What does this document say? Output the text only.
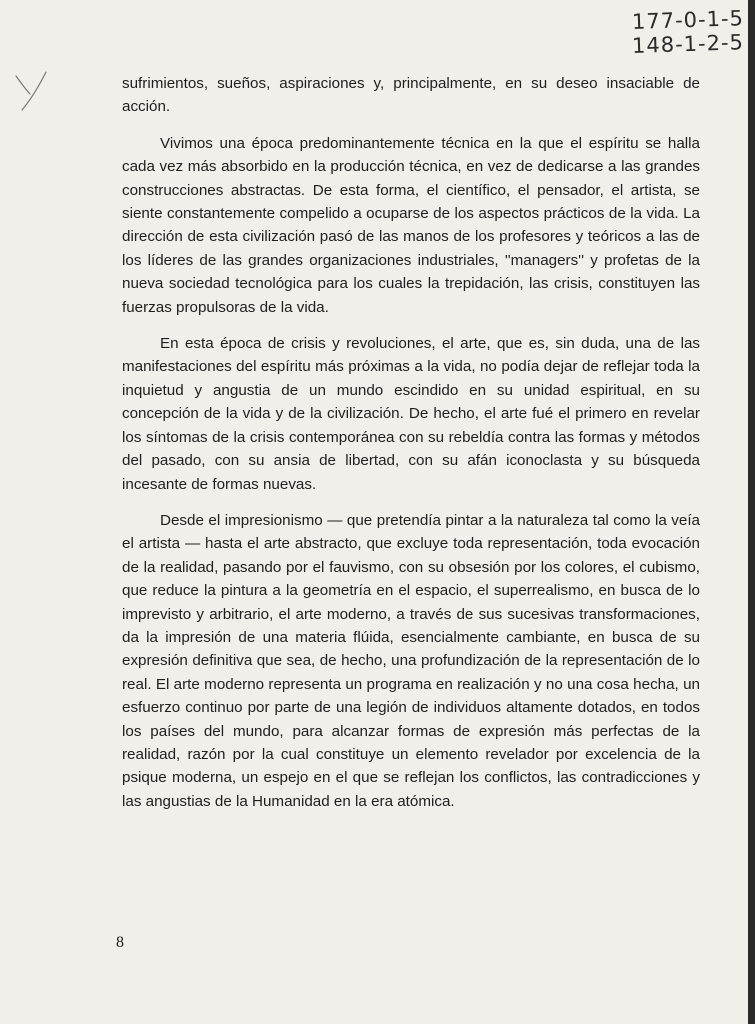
177-0-1-5
148-1-2-5

sufrimientos, sueños, aspiraciones y, principalmente, en su deseo insaciable de acción.

Vivimos una época predominantemente técnica en la que el espíritu se halla cada vez más absorbido en la producción técnica, en vez de dedicarse a las grandes construcciones abstractas. De esta forma, el científico, el pensador, el artista, se siente constantemente compelido a ocuparse de los aspectos prácticos de la vida. La dirección de esta civilización pasó de las manos de los profesores y teóricos a las de los líderes de las grandes organizaciones industriales, ''managers'' y profetas de la nueva sociedad tecnológica para los cuales la trepidación, las crisis, constituyen las fuerzas propulsoras de la vida.

En esta época de crisis y revoluciones, el arte, que es, sin duda, una de las manifestaciones del espíritu más próximas a la vida, no podía dejar de reflejar toda la inquietud y angustia de un mundo escindido en su unidad espiritual, en su concepción de la vida y de la civilización. De hecho, el arte fué el primero en revelar los síntomas de la crisis contemporánea con su rebeldía contra las formas y métodos del pasado, con su ansia de libertad, con su afán iconoclasta y su búsqueda incesante de formas nuevas.

Desde el impresionismo — que pretendía pintar a la naturaleza tal como la veía el artista — hasta el arte abstracto, que excluye toda representación, toda evocación de la realidad, pasando por el fauvismo, con su obsesión por los colores, el cubismo, que reduce la pintura a la geometría en el espacio, el superrealismo, en busca de lo imprevisto y arbitrario, el arte moderno, a través de sus sucesivas transformaciones, da la impresión de una materia flúida, esencialmente cambiante, en busca de su expresión definitiva que sea, de hecho, una profundización de la representación de lo real. El arte moderno representa un programa en realización y no una cosa hecha, un esfuerzo continuo por parte de una legión de individuos altamente dotados, en todos los países del mundo, para alcanzar formas de expresión más perfectas de la realidad, razón por la cual constituye un elemento revelador por excelencia de la psique moderna, un espejo en el que se reflejan los conflictos, las contradicciones y las angustias de la Humanidad en la era atómica.

8
